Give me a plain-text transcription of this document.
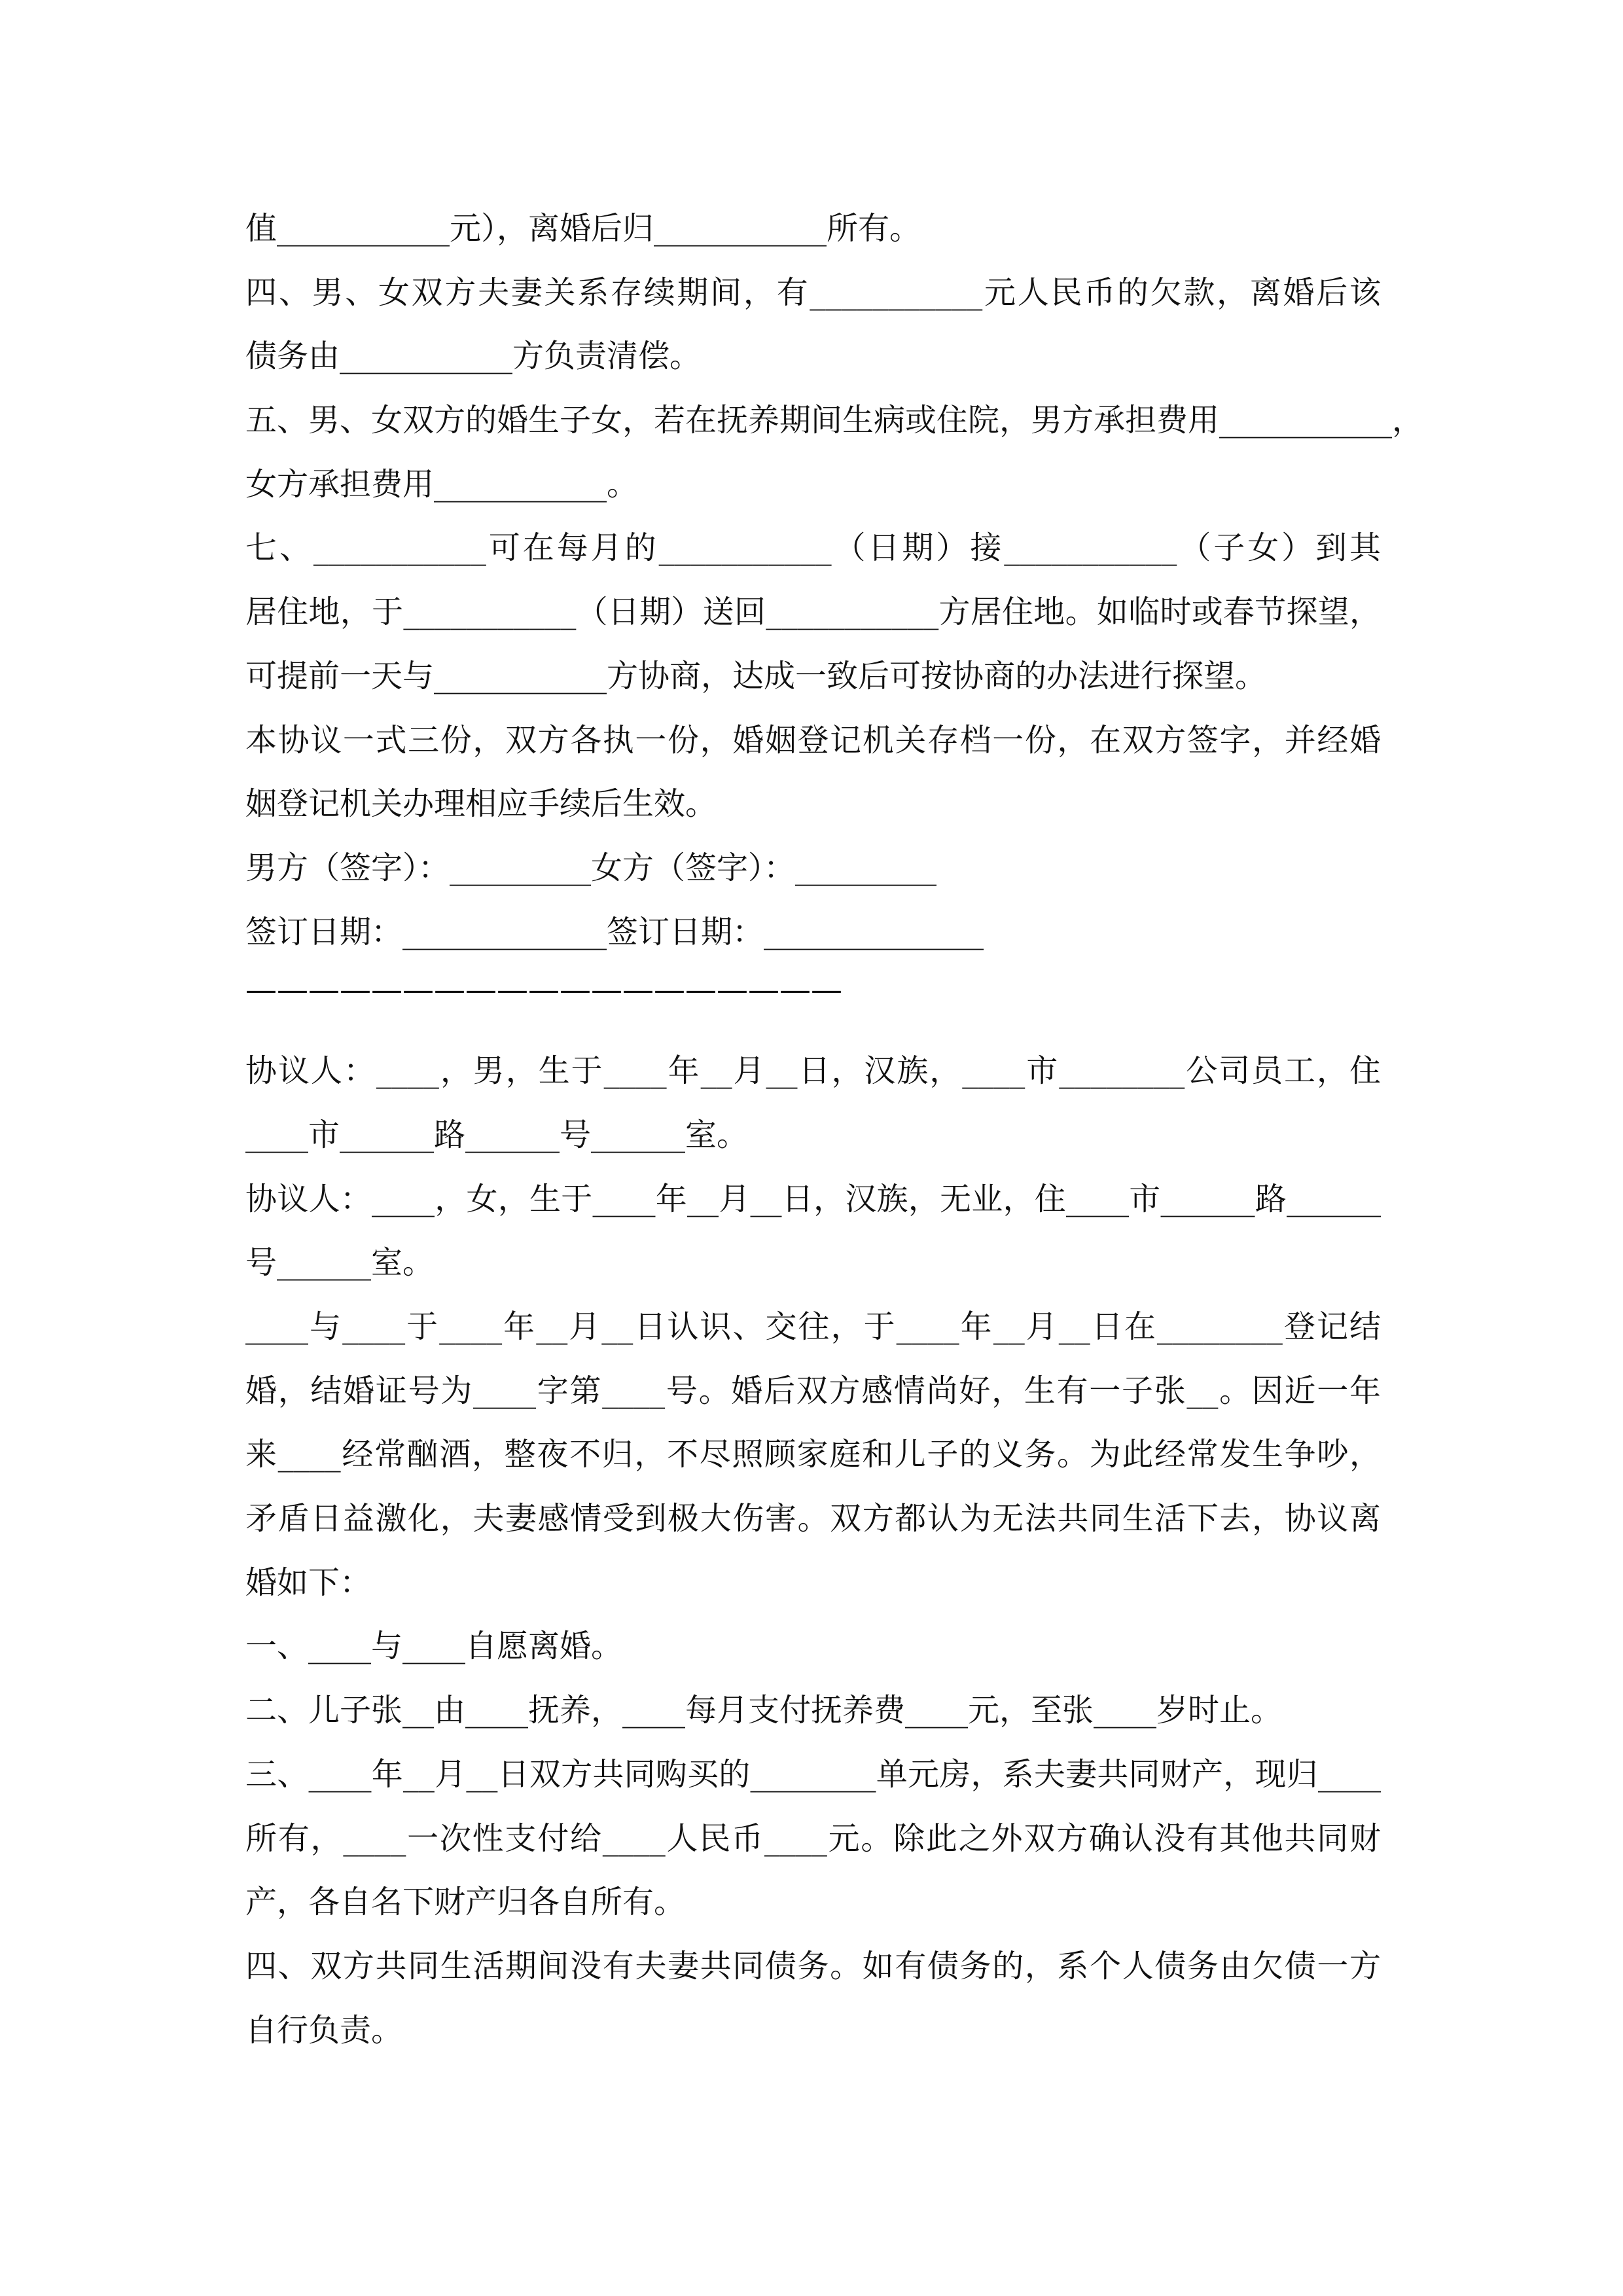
值___________元），离婚后归___________所有。
四、男、女双方夫妻关系存续期间，有___________元人民币的欠款，离婚后该
债务由___________方负责清偿。
五、男、女双方的婚生子女，若在抚养期间生病或住院，男方承担费用___________，
女方承担费用___________。
七、___________可在每月的___________（日期）接___________（子女）到其
居住地，于___________（日期）送回___________方居住地。如临时或春节探望，
可提前一天与___________方协商，达成一致后可按协商的办法进行探望。
本协议一式三份，双方各执一份，婚姻登记机关存档一份，在双方签字，并经婚
姻登记机关办理相应手续后生效。
男方（签字）：_________女方（签字）：_________
签订日期：_____________签订日期：______________
———————————————————
协议人：____，男，生于____年__月__日，汉族，____市________公司员工，住
____市______路______号______室。
协议人：____，女，生于____年__月__日，汉族，无业，住____市______路______
号______室。
____与____于____年__月__日认识、交往，于____年__月__日在________登记结
婚，结婚证号为____字第____号。婚后双方感情尚好，生有一子张__。因近一年
来____经常酗酒，整夜不归，不尽照顾家庭和儿子的义务。为此经常发生争吵，
矛盾日益激化，夫妻感情受到极大伤害。双方都认为无法共同生活下去，协议离
婚如下：
一、____与____自愿离婚。
二、儿子张__由____抚养，____每月支付抚养费____元，至张____岁时止。
三、____年__月__日双方共同购买的________单元房，系夫妻共同财产，现归____
所有，____一次性支付给____人民币____元。除此之外双方确认没有其他共同财
产，各自名下财产归各自所有。
四、双方共同生活期间没有夫妻共同债务。如有债务的，系个人债务由欠债一方
自行负责。
